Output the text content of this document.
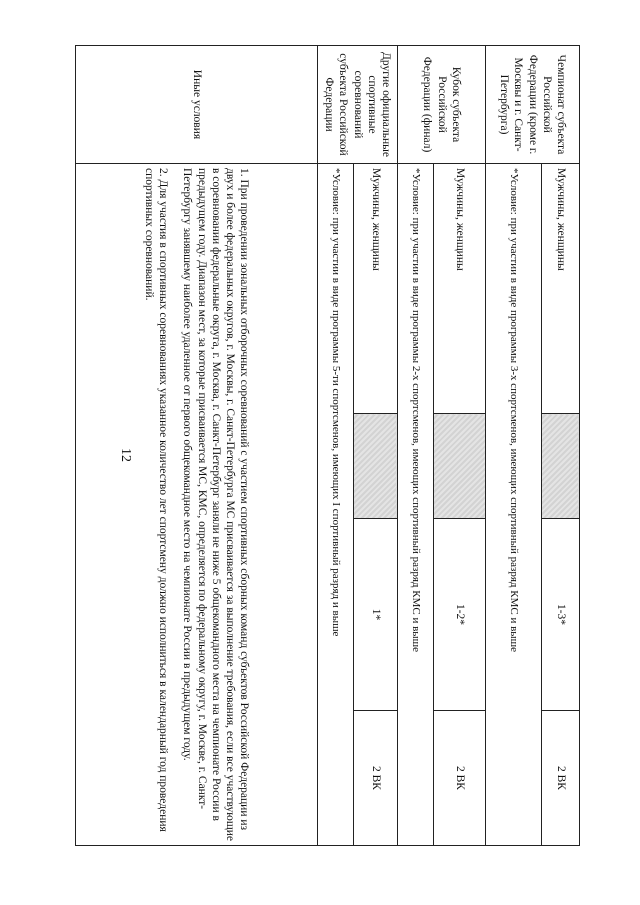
12
Чемпионат субъекта Российской Федерации (кроме г. Москвы и г. Санкт-Петербурга)	Мужчины, женщины		1-3*	2 ВК
	*Условие: при участии в виде программы 3-х спортсменов, имеющих спортивный разряд КМС и выше			
Кубок субъекта Российской Федерации (финал)	Мужчины, женщины		1-2*	2 ВК
	*Условие: при участии в виде программы 2-х спортсменов, имеющих спортивный разряд КМС и выше			
Другие официальные спортивные соревнований субъекта Российской Федерации	Мужчины, женщины		1*	2 ВК
	*Условие: при участии в виде программы 5-ти спортсменов, имеющих I спортивный разряд и выше			
Иные условия	1. При проведении зональных отборочных соревнований с участием спортивных сборных команд субъектов Российской Федерации из двух и более федеральных округов, г. Москвы, г. Санкт-Петербурга МС присваивается за выполнение требования, если все участвующие в соревновании федеральные округа, г. Москва, г. Санкт-Петербург заняли не ниже 5 общекомандного места на чемпионате России в предыдущем году. Диапазон мест, за которые присваивается МС, КМС, определяется по федеральному округу, г. Москве, г. Санкт-Петербургу занявшему наиболее удаленное от первого общекомандное место на чемпионате России в предыдущем году.

2. Для участия в спортивных соревнованиях указанное количество лет спортсмену должно исполниться в календарный год проведения спортивных соревнований.			
